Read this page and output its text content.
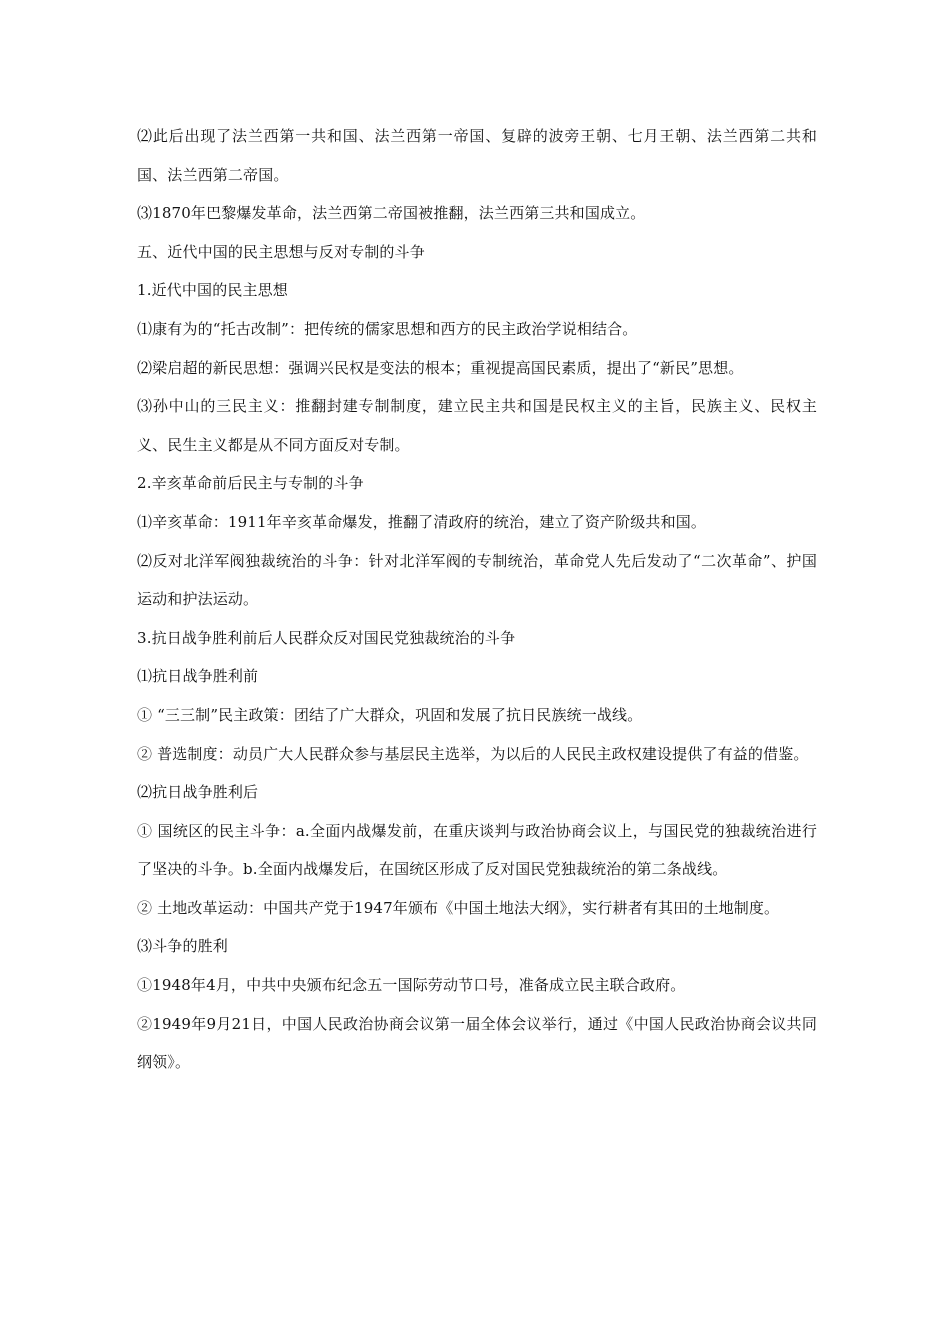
⑵此后出现了法兰西第一共和国、法兰西第一帝国、复辟的波旁王朝、七月王朝、法兰西第二共和国、法兰西第二帝国。
⑶1870年巴黎爆发革命，法兰西第二帝国被推翻，法兰西第三共和国成立。
五、近代中国的民主思想与反对专制的斗争
1.近代中国的民主思想
⑴康有为的“托古改制”：把传统的儒家思想和西方的民主政治学说相结合。
⑵梁启超的新民思想：强调兴民权是变法的根本；重视提高国民素质，提出了“新民”思想。
⑶孙中山的三民主义：推翻封建专制制度，建立民主共和国是民权主义的主旨，民族主义、民权主义、民生主义都是从不同方面反对专制。
2.辛亥革命前后民主与专制的斗争
⑴辛亥革命：1911年辛亥革命爆发，推翻了清政府的统治，建立了资产阶级共和国。
⑵反对北洋军阀独裁统治的斗争：针对北洋军阀的专制统治，革命党人先后发动了“二次革命”、护国运动和护法运动。
3.抗日战争胜利前后人民群众反对国民党独裁统治的斗争
⑴抗日战争胜利前
① “三三制”民主政策：团结了广大群众，巩固和发展了抗日民族统一战线。
② 普选制度：动员广大人民群众参与基层民主选举，为以后的人民民主政权建设提供了有益的借鉴。
⑵抗日战争胜利后
① 国统区的民主斗争：a.全面内战爆发前，在重庆谈判与政治协商会议上，与国民党的独裁统治进行了坚决的斗争。b.全面内战爆发后，在国统区形成了反对国民党独裁统治的第二条战线。
② 土地改革运动：中国共产党于1947年颁布《中国土地法大纲》，实行耕者有其田的土地制度。
⑶斗争的胜利
①1948年4月，中共中央颁布纪念五一国际劳动节口号，准备成立民主联合政府。
②1949年9月21日，中国人民政治协商会议第一届全体会议举行，通过《中国人民政治协商会议共同纲领》。
